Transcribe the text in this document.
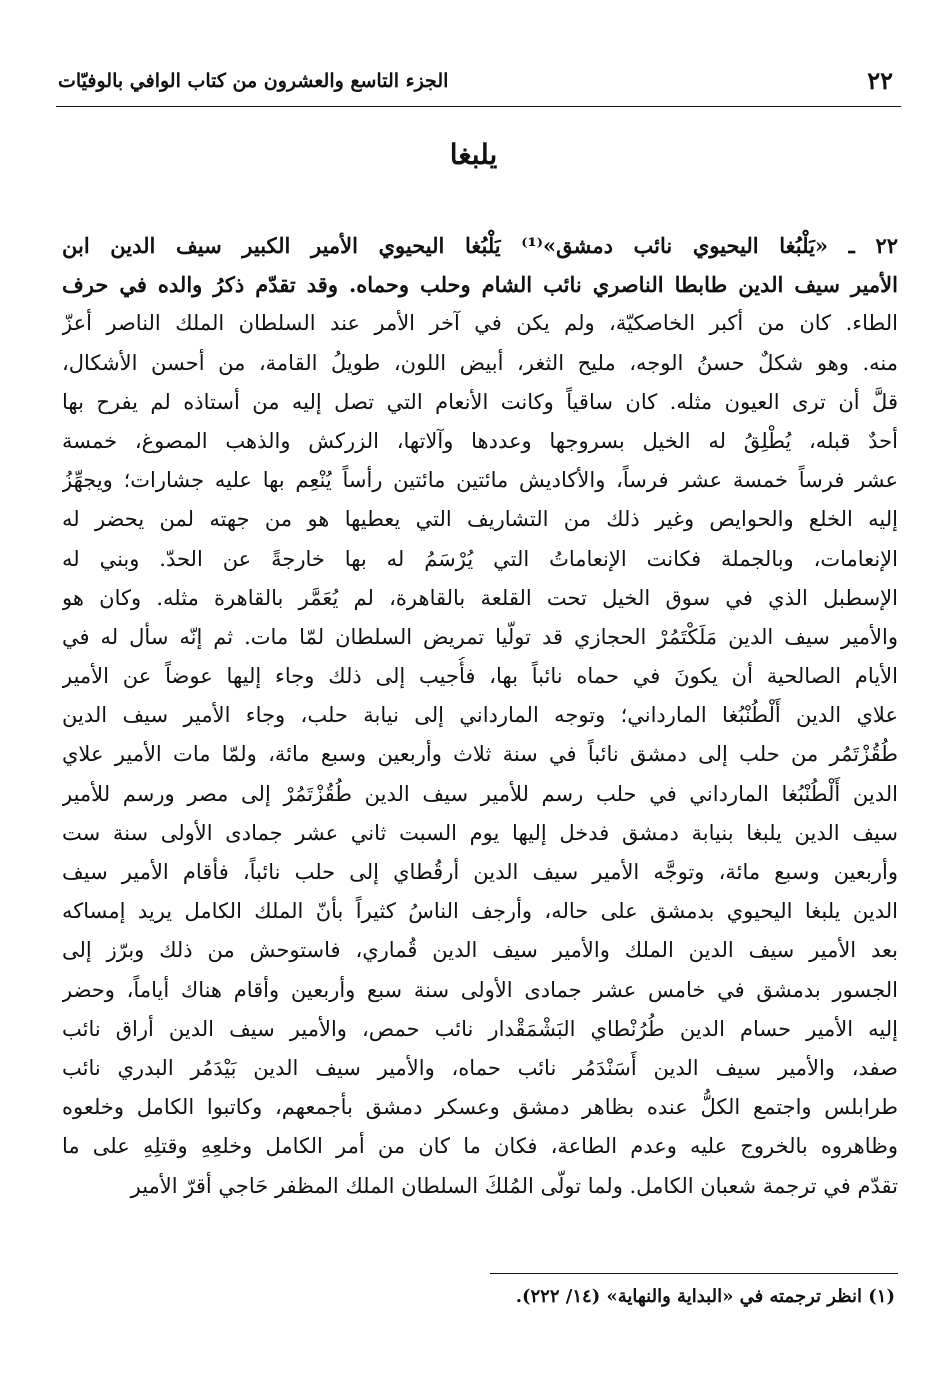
٢٢
الجزء التاسع والعشرون من كتاب الوافي بالوفيّات
يلبغا
٢٢ ـ «يَلْبُغا اليحيوي نائب دمشق»⁽¹⁾ يَلْبُغا اليحيوي الأمير الكبير سيف الدين ابن
الأمير سيف الدين طابطا الناصري نائب الشام وحلب وحماه. وقد تقدّم ذكرُ والده في حرف
الطاء. كان من أكبر الخاصكيّة، ولم يكن في آخر الأمر عند السلطان الملك الناصر أعزّ
منه. وهو شكلٌ حسنُ الوجه، مليح الثغر، أبيض اللون، طويلُ القامة، من أحسن الأشكال،
قلَّ أن ترى العيون مثله. كان ساقياً وكانت الأنعام التي تصل إليه من أستاذه لم يفرح بها
أحدٌ قبله، يُطْلِقُ له الخيل بسروجها وعددها وآلاتها، الزركش والذهب المصوغ، خمسة
عشر فرساً خمسة عشر فرساً، والأكاديش مائتين مائتين رأساً يُنْعِم بها عليه جشارات؛ ويجهِّزُ
إليه الخلع والحوايص وغير ذلك من التشاريف التي يعطيها هو من جهته لمن يحضر له
الإنعامات، وبالجملة فكانت الإنعاماتُ التي يُرْسَمُ له بها خارجةً عن الحدّ. وبني له
الإسطبل الذي في سوق الخيل تحت القلعة بالقاهرة، لم يُعَمَّر بالقاهرة مثله. وكان هو
والأمير سيف الدين مَلَكْتَمُرْ الحجازي قد تولّيا تمريض السلطان لمّا مات. ثم إنّه سأل له في
الأيام الصالحية أن يكونَ في حماه نائباً بها، فأُجيب إلى ذلك وجاء إليها عوضاً عن الأمير
علاي الدين أَلْطُنْبُغا المارداني؛ وتوجه المارداني إلى نيابة حلب، وجاء الأمير سيف الدين
طُقُزْتَمُر من حلب إلى دمشق نائباً في سنة ثلاث وأربعين وسبع مائة، ولمّا مات الأمير علاي
الدين أَلْطُنْبُغا المارداني في حلب رسم للأمير سيف الدين طُقُزْتَمُرْ إلى مصر ورسم للأمير
سيف الدين يلبغا بنيابة دمشق فدخل إليها يوم السبت ثاني عشر جمادى الأولى سنة ست
وأربعين وسبع مائة، وتوجَّه الأمير سيف الدين أرقُطاي إلى حلب نائباً، فأقام الأمير سيف
الدين يلبغا اليحيوي بدمشق على حاله، وأرجف الناسُ كثيراً بأنّ الملك الكامل يريد إمساكه
بعد الأمير سيف الدين الملك والأمير سيف الدين قُماري، فاستوحش من ذلك وبرّز إلى
الجسور بدمشق في خامس عشر جمادى الأولى سنة سبع وأربعين وأقام هناك أياماً، وحضر
إليه الأمير حسام الدين طُرُنْطاي البَشْمَقْدار نائب حمص، والأمير سيف الدين أراق نائب
صفد، والأمير سيف الدين أَسَنْدَمُر نائب حماه، والأمير سيف الدين بَيْدَمُر البدري نائب
طرابلس واجتمع الكلُّ عنده بظاهر دمشق وعسكر دمشق بأجمعهم، وكاتبوا الكامل وخلعوه
وظاهروه بالخروج عليه وعدم الطاعة، فكان ما كان من أمر الكامل وخلعِهِ وقتلِهِ على ما
تقدّم في ترجمة شعبان الكامل. ولما تولّى المُلكَ السلطان الملك المظفر حَاجي أقرّ الأمير
(١) انظر ترجمته في «البداية والنهاية» (١٤/ ٢٢٢).
